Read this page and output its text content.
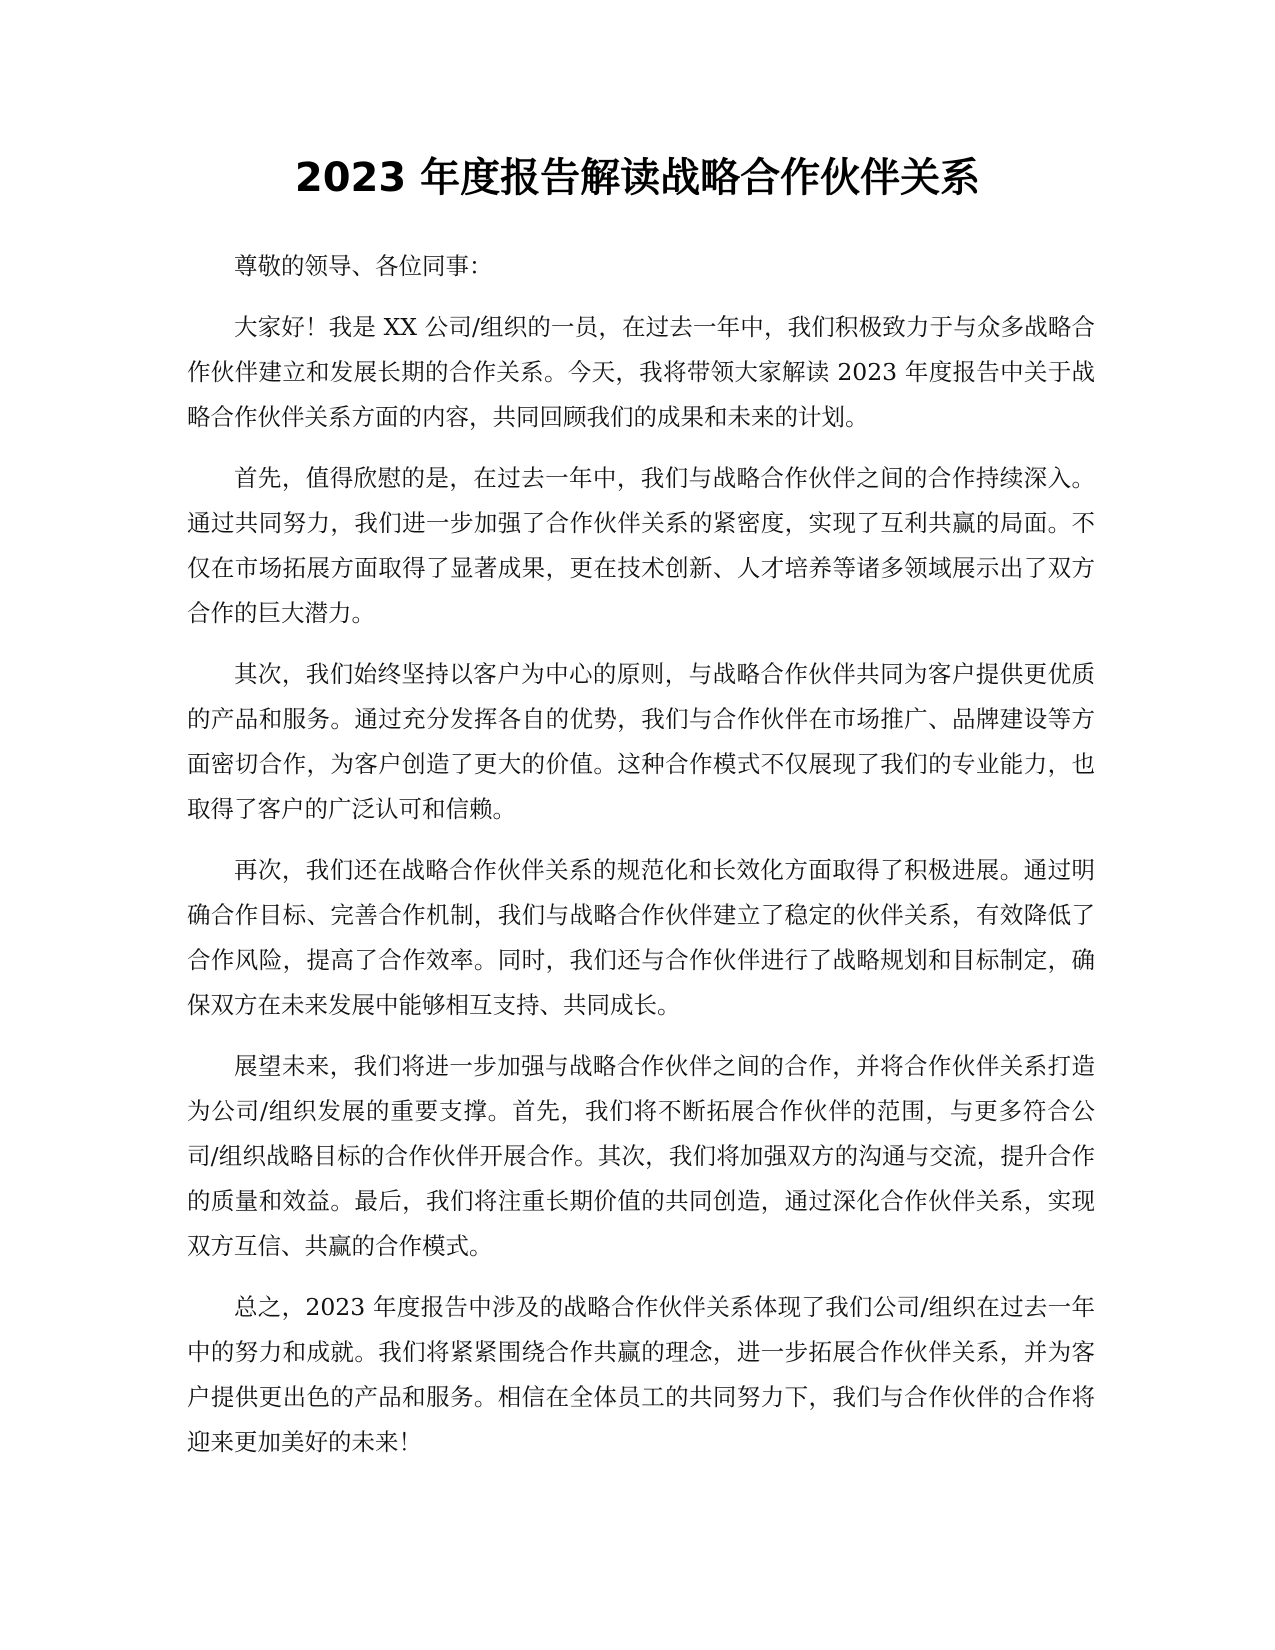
2023 年度报告解读战略合作伙伴关系

尊敬的领导、各位同事：

大家好！我是 XX 公司/组织的一员，在过去一年中，我们积极致力于与众多战略合作伙伴建立和发展长期的合作关系。今天，我将带领大家解读 2023 年度报告中关于战略合作伙伴关系方面的内容，共同回顾我们的成果和未来的计划。

首先，值得欣慰的是，在过去一年中，我们与战略合作伙伴之间的合作持续深入。通过共同努力，我们进一步加强了合作伙伴关系的紧密度，实现了互利共赢的局面。不仅在市场拓展方面取得了显著成果，更在技术创新、人才培养等诸多领域展示出了双方合作的巨大潜力。

其次，我们始终坚持以客户为中心的原则，与战略合作伙伴共同为客户提供更优质的产品和服务。通过充分发挥各自的优势，我们与合作伙伴在市场推广、品牌建设等方面密切合作，为客户创造了更大的价值。这种合作模式不仅展现了我们的专业能力，也取得了客户的广泛认可和信赖。

再次，我们还在战略合作伙伴关系的规范化和长效化方面取得了积极进展。通过明确合作目标、完善合作机制，我们与战略合作伙伴建立了稳定的伙伴关系，有效降低了合作风险，提高了合作效率。同时，我们还与合作伙伴进行了战略规划和目标制定，确保双方在未来发展中能够相互支持、共同成长。

展望未来，我们将进一步加强与战略合作伙伴之间的合作，并将合作伙伴关系打造为公司/组织发展的重要支撑。首先，我们将不断拓展合作伙伴的范围，与更多符合公司/组织战略目标的合作伙伴开展合作。其次，我们将加强双方的沟通与交流，提升合作的质量和效益。最后，我们将注重长期价值的共同创造，通过深化合作伙伴关系，实现双方互信、共赢的合作模式。

总之，2023 年度报告中涉及的战略合作伙伴关系体现了我们公司/组织在过去一年中的努力和成就。我们将紧紧围绕合作共赢的理念，进一步拓展合作伙伴关系，并为客户提供更出色的产品和服务。相信在全体员工的共同努力下，我们与合作伙伴的合作将迎来更加美好的未来！
